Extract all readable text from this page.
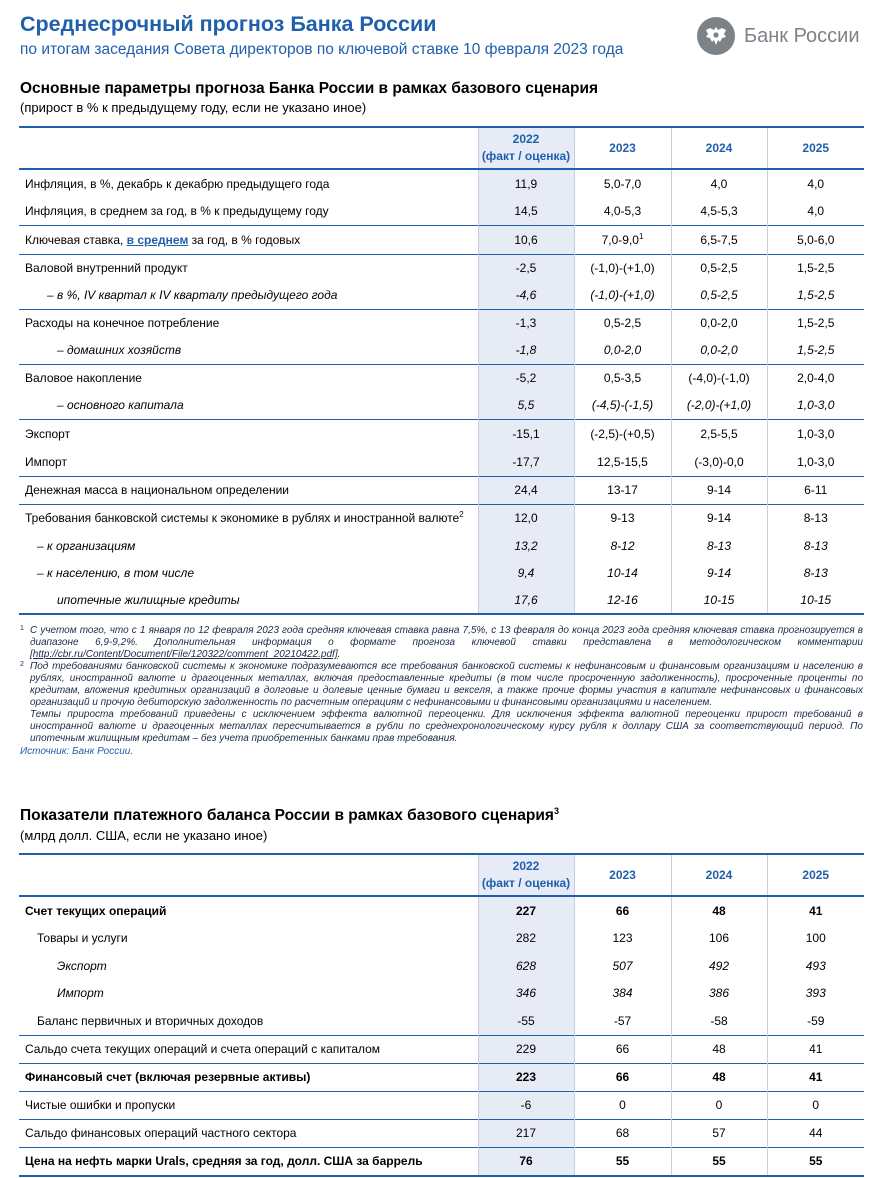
Среднесрочный прогноз Банка России
по итогам заседания Совета директоров по ключевой ставке 10 февраля 2023 года
Банк России
Основные параметры прогноза Банка России в рамках базового сценария
(прирост в % к предыдущему году, если не указано иное)
	2022
(факт / оценка)	2023	2024	2025
Инфляция, в %, декабрь к декабрю предыдущего года	11,9	5,0-7,0	4,0	4,0
Инфляция, в среднем за год, в % к предыдущему году	14,5	4,0-5,3	4,5-5,3	4,0
Ключевая ставка, в среднем за год, в % годовых	10,6	$7,0-9,0^1$	6,5-7,5	5,0-6,0
Валовой внутренний продукт	-2,5	(-1,0)-(+1,0)	0,5-2,5	1,5-2,5
– в %, IV квартал к IV кварталу предыдущего года	-4,6	(-1,0)-(+1,0)	0,5-2,5	1,5-2,5
Расходы на конечное потребление	-1,3	0,5-2,5	0,0-2,0	1,5-2,5
– домашних хозяйств	-1,8	0,0-2,0	0,0-2,0	1,5-2,5
Валовое накопление	-5,2	0,5-3,5	(-4,0)-(-1,0)	2,0-4,0
– основного капитала	5,5	(-4,5)-(-1,5)	(-2,0)-(+1,0)	1,0-3,0
Экспорт	-15,1	(-2,5)-(+0,5)	2,5-5,5	1,0-3,0
Импорт	-17,7	12,5-15,5	(-3,0)-0,0	1,0-3,0
Денежная масса в национальном определении	24,4	13-17	9-14	6-11
Требования банковской системы к экономике в рублях и иностранной валюте$^2$	12,0	9-13	9-14	8-13
– к организациям	13,2	8-12	8-13	8-13
– к населению, в том числе	9,4	10-14	9-14	8-13
ипотечные жилищные кредиты	17,6	12-16	10-15	10-15

1 С учетом того, что с 1 января по 12 февраля 2023 года средняя ключевая ставка равна 7,5%, с 13 февраля до конца 2023 года средняя ключевая ставка прогнозируется в диапазоне 6,9-9,2%. Дополнительная информация о формате прогноза ключевой ставки представлена в методологическом комментарии [http://cbr.ru/Content/Document/File/120322/comment_20210422.pdf].

2 Под требованиями банковской системы к экономике подразумеваются все требования банковской системы к нефинансовым и финансовым организациям и населению в рублях, иностранной валюте и драгоценных металлах, включая предоставленные кредиты (в том числе просроченную задолженность), просроченные проценты по кредитам, вложения кредитных организаций в долговые и долевые ценные бумаги и векселя, а также прочие формы участия в капитале нефинансовых и финансовых организаций и прочую дебиторскую задолженность по расчетным операциям с нефинансовыми и финансовыми организациями и населением.

Темпы прироста требований приведены с исключением эффекта валютной переоценки. Для исключения эффекта валютной переоценки прирост требований в иностранной валюте и драгоценных металлах пересчитывается в рубли по среднехронологическому курсу рубля к доллару США за соответствующий период. По ипотечным жилищным кредитам – без учета приобретенных банками прав требования.

Источник: Банк России.
Показатели платежного баланса России в рамках базового сценария$^3$
(млрд долл. США, если не указано иное)
	2022
(факт / оценка)	2023	2024	2025
Счет текущих операций	227	66	48	41
Товары и услуги	282	123	106	100
Экспорт	628	507	492	493
Импорт	346	384	386	393
Баланс первичных и вторичных доходов	-55	-57	-58	-59
Сальдо счета текущих операций и счета операций с капиталом	229	66	48	41
Финансовый счет (включая резервные активы)	223	66	48	41
Чистые ошибки и пропуски	-6	0	0	0
Сальдо финансовых операций частного сектора	217	68	57	44
Цена на нефть марки Urals, средняя за год, долл. США за баррель	76	55	55	55
